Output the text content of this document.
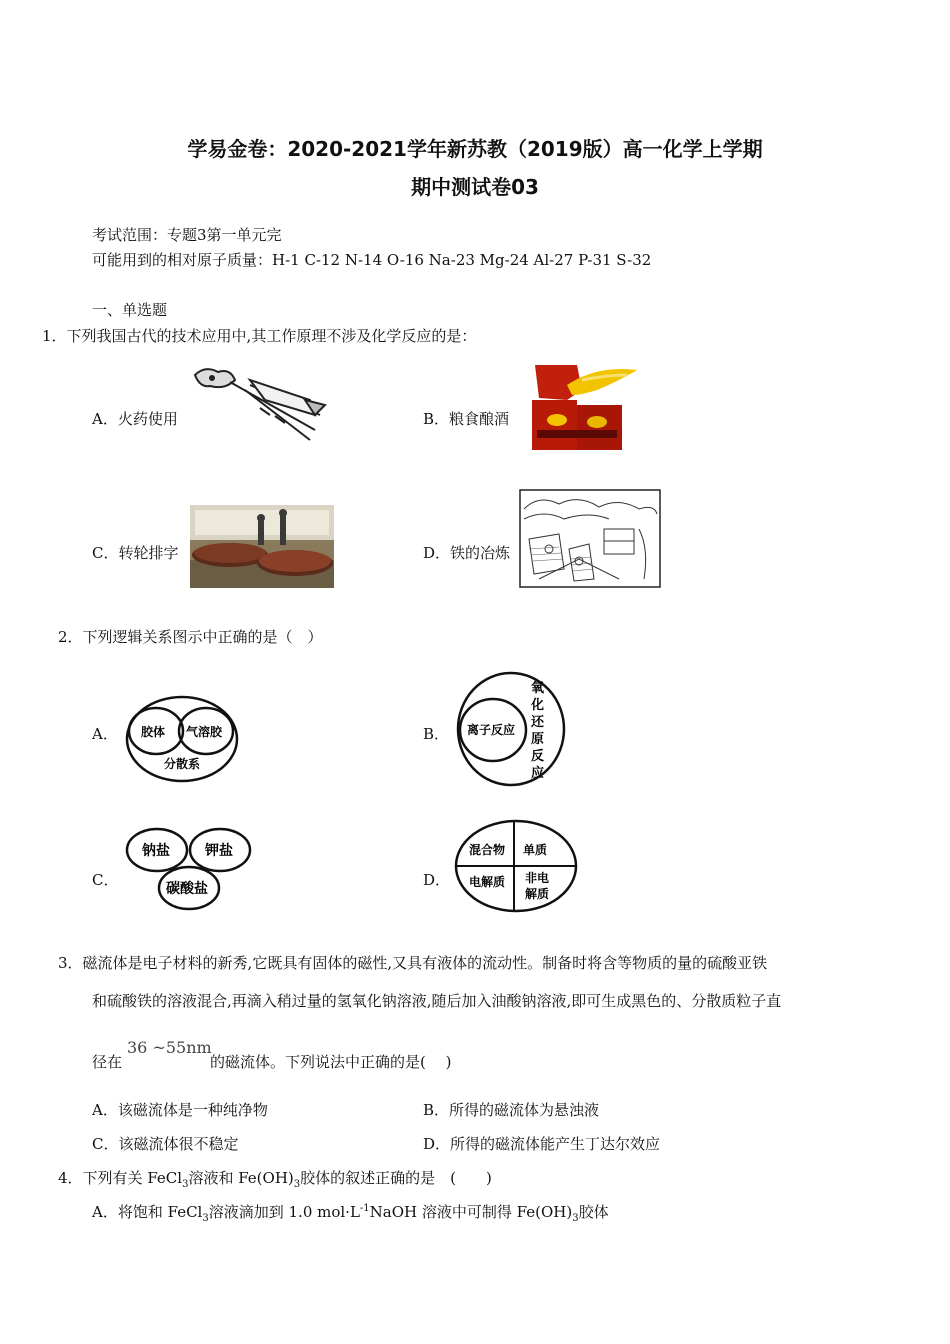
学易金卷：2020-2021学年新苏教（2019版）高一化学上学期
期中测试卷03
考试范围：专题3第一单元完
可能用到的相对原子质量：H-1 C-12 N-14 O-16 Na-23 Mg-24 Al-27 P-31 S-32
一、单选题
1．下列我国古代的技术应用中,其工作原理不涉及化学反应的是：
A．火药使用	B．粮食酿酒
C．转轮排字	D．铁的冶炼
2．下列逻辑关系图示中正确的是（　）
A． 胶体 气溶胶
分散系
B． 离子反应
氧
化
还
原
反
应
C．
钠盐	钾盐
碳酸盐	D．
混合物 单质
电解质 非电
解质
3．磁流体是电子材料的新秀,它既具有固体的磁性,又具有液体的流动性。制备时将含等物质的量的硫酸亚铁
和硫酸铁的溶液混合,再滴入稍过量的氢氧化钠溶液,随后加入油酸钠溶液,即可生成黑色的、分散质粒子直
径在
36 ~55nm
的磁流体。下列说法中正确的是(　 )
A．该磁流体是一种纯净物	B．所得的磁流体为悬浊液
C．该磁流体很不稳定	D．所得的磁流体能产生丁达尔效应
4．下列有关 FeCl$_3$溶液和 $Fe(OH)_3$胶体的叙述正确的是　(　　)
A．将饱和 FeCl$_3$溶液滴加到 1.0 $mol\cdot L^{-1}NaOH$ 溶液中可制得 $Fe(OH)_3$胶体
